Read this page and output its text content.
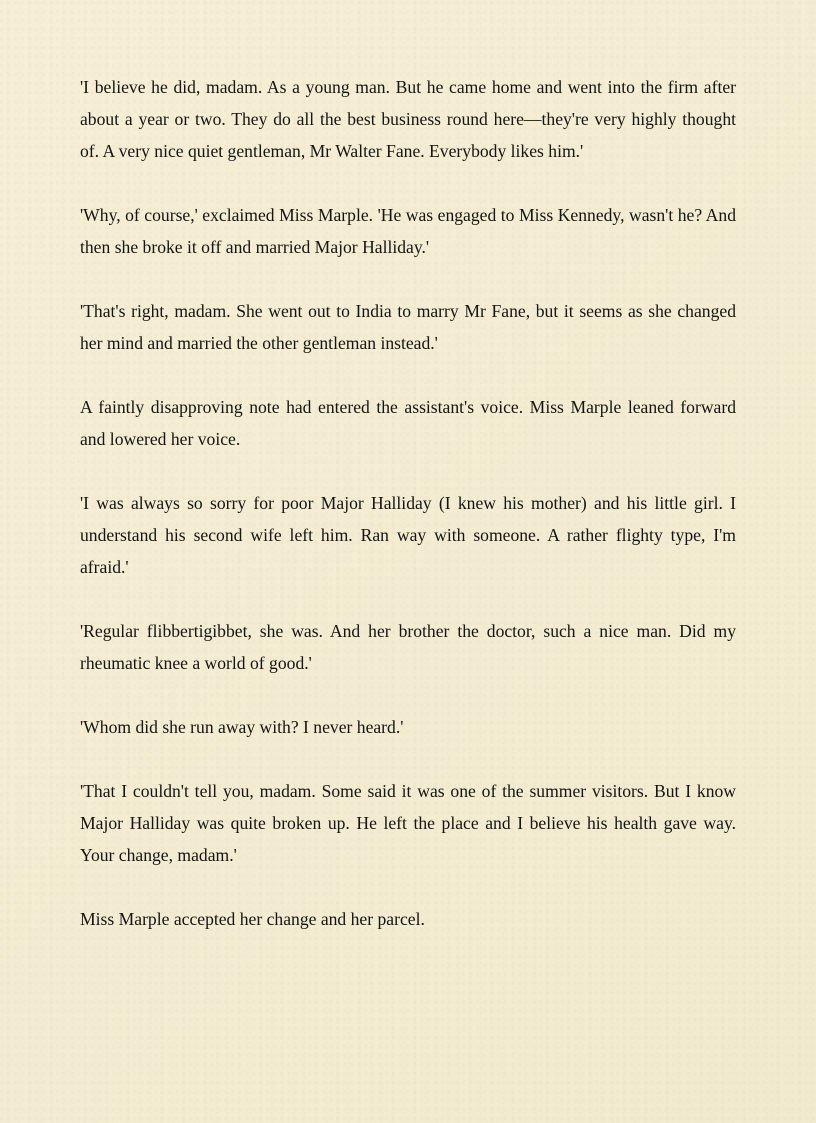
'I believe he did, madam. As a young man. But he came home and went into the firm after about a year or two. They do all the best business round here—they're very highly thought of. A very nice quiet gentleman, Mr Walter Fane. Everybody likes him.'

'Why, of course,' exclaimed Miss Marple. 'He was engaged to Miss Kennedy, wasn't he? And then she broke it off and married Major Halliday.'

'That's right, madam. She went out to India to marry Mr Fane, but it seems as she changed her mind and married the other gentleman instead.'

A faintly disapproving note had entered the assistant's voice. Miss Marple leaned forward and lowered her voice.

'I was always so sorry for poor Major Halliday (I knew his mother) and his little girl. I understand his second wife left him. Ran way with someone. A rather flighty type, I'm afraid.'

'Regular flibbertigibbet, she was. And her brother the doctor, such a nice man. Did my rheumatic knee a world of good.'

'Whom did she run away with? I never heard.'

'That I couldn't tell you, madam. Some said it was one of the summer visitors. But I know Major Halliday was quite broken up. He left the place and I believe his health gave way. Your change, madam.'

Miss Marple accepted her change and her parcel.
